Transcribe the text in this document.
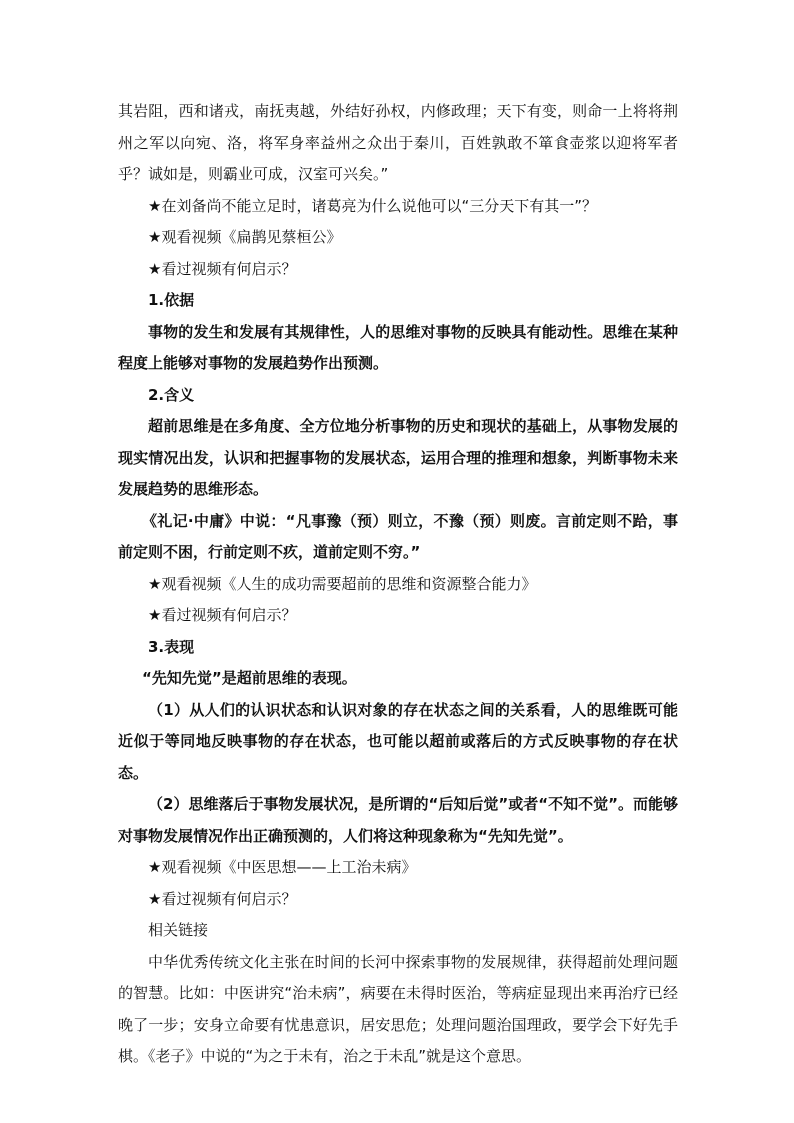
其岩阻，西和诸戎，南抚夷越，外结好孙权，内修政理；天下有变，则命一上将将荆州之军以向宛、洛，将军身率益州之众出于秦川，百姓孰敢不箪食壶浆以迎将军者乎？诚如是，则霸业可成，汉室可兴矣。”

★在刘备尚不能立足时，诸葛亮为什么说他可以“三分天下有其一”？

★观看视频《扁鹊见蔡桓公》

★看过视频有何启示？

1.依据

事物的发生和发展有其规律性，人的思维对事物的反映具有能动性。思维在某种程度上能够对事物的发展趋势作出预测。

2.含义

超前思维是在多角度、全方位地分析事物的历史和现状的基础上，从事物发展的现实情况出发，认识和把握事物的发展状态，运用合理的推理和想象，判断事物未来发展趋势的思维形态。

《礼记·中庸》中说：“凡事豫（预）则立，不豫（预）则废。言前定则不跲，事前定则不困，行前定则不疚，道前定则不穷。”

★观看视频《人生的成功需要超前的思维和资源整合能力》

★看过视频有何启示？

3.表现

“先知先觉”是超前思维的表现。

（1）从人们的认识状态和认识对象的存在状态之间的关系看，人的思维既可能近似于等同地反映事物的存在状态，也可能以超前或落后的方式反映事物的存在状态。

（2）思维落后于事物发展状况，是所谓的“后知后觉”或者“不知不觉”。而能够对事物发展情况作出正确预测的，人们将这种现象称为“先知先觉”。

★观看视频《中医思想——上工治未病》

★看过视频有何启示？

相关链接

中华优秀传统文化主张在时间的长河中探索事物的发展规律，获得超前处理问题的智慧。比如：中医讲究“治未病”，病要在未得时医治，等病症显现出来再治疗已经晚了一步；安身立命要有忧患意识，居安思危；处理问题治国理政，要学会下好先手棋。《老子》中说的“为之于未有，治之于未乱”就是这个意思。
